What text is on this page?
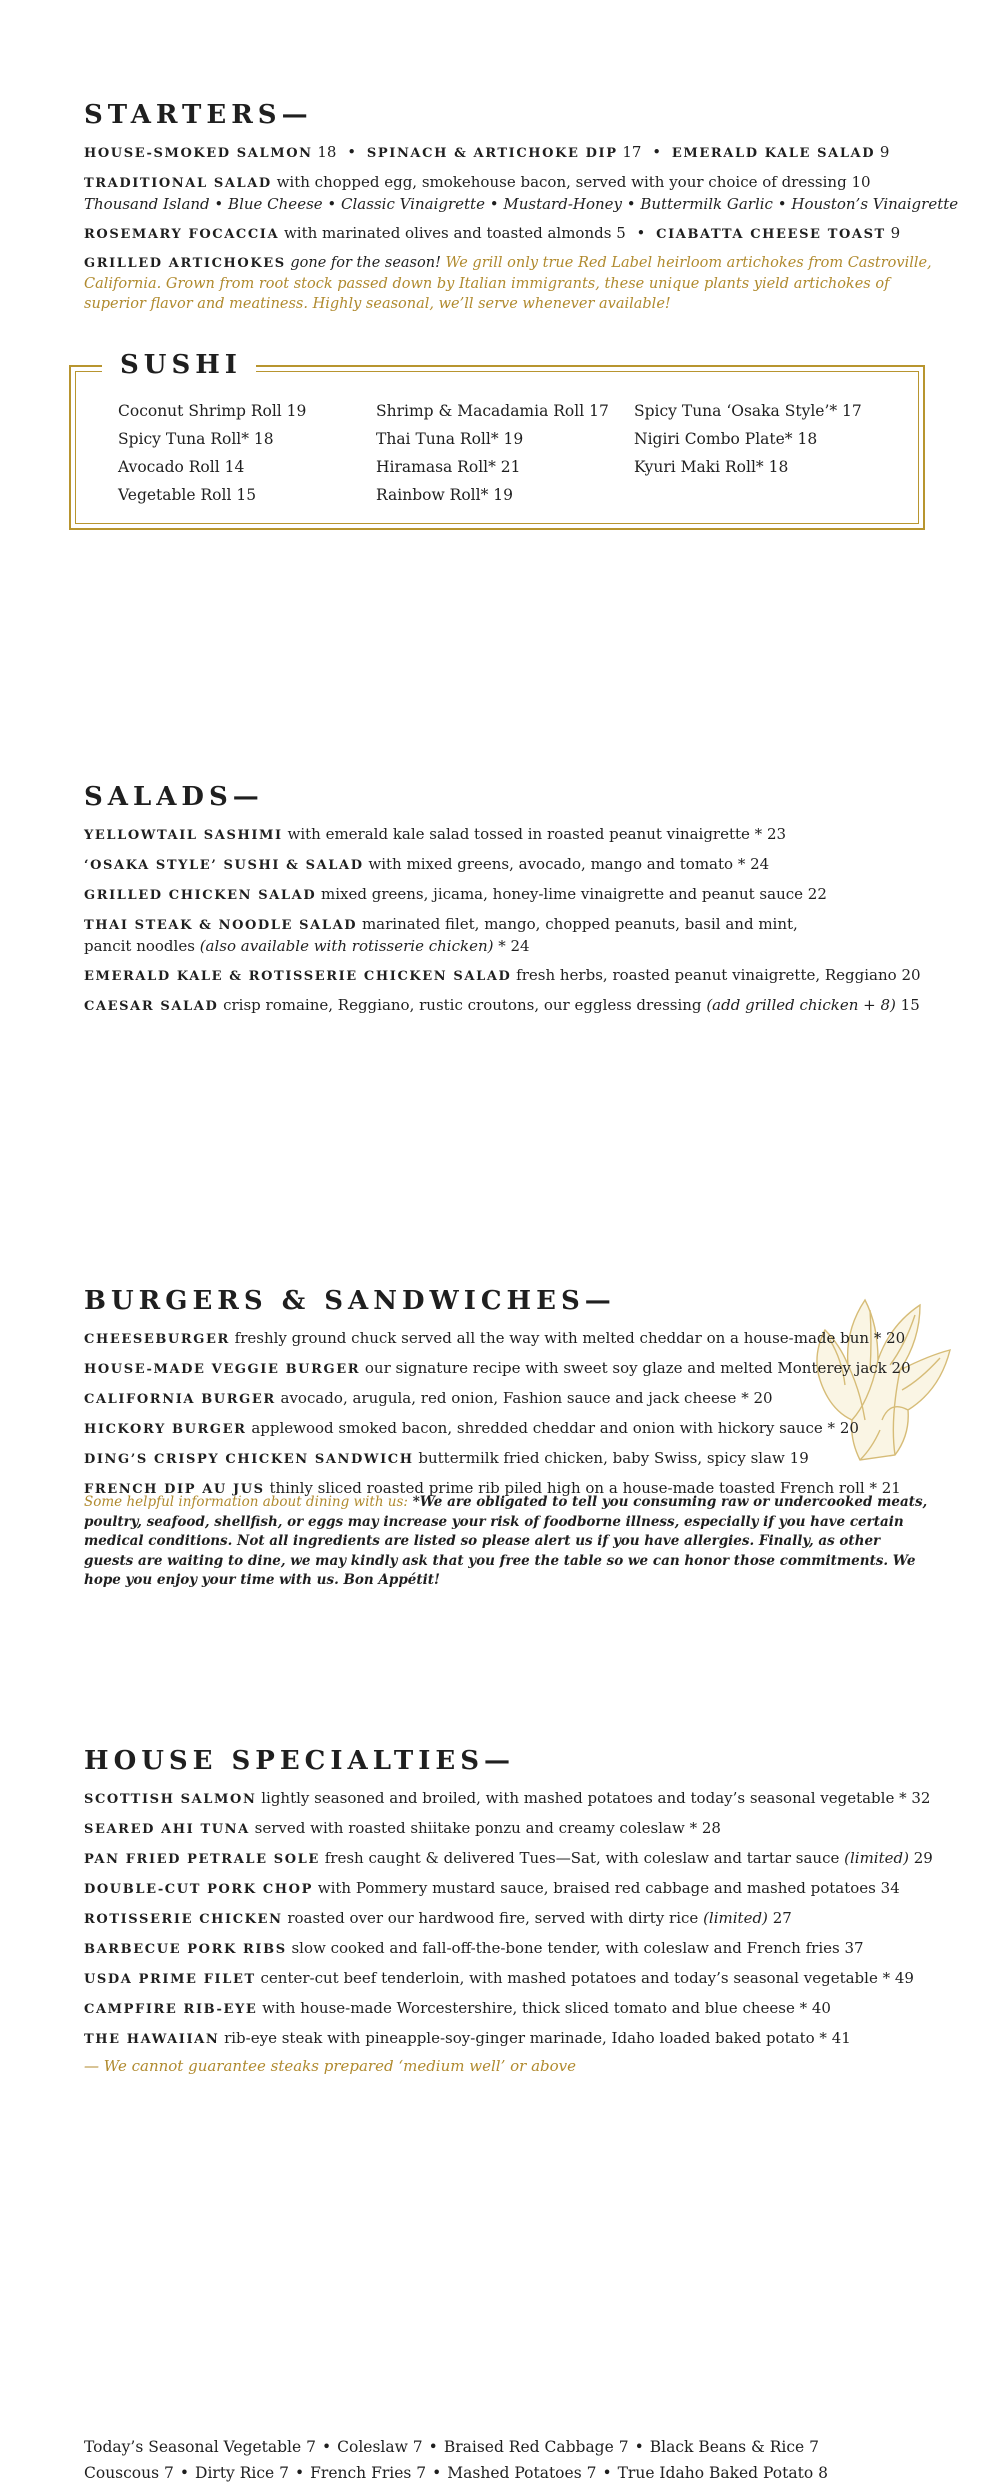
STARTERS—

HOUSE-SMOKED SALMON 18 • SPINACH & ARTICHOKE DIP 17 • EMERALD KALE SALAD 9

TRADITIONAL SALAD with chopped egg, smokehouse bacon, served with your choice of dressing 10

Thousand Island • Blue Cheese • Classic Vinaigrette • Mustard-Honey • Buttermilk Garlic • Houston’s Vinaigrette

ROSEMARY FOCACCIA with marinated olives and toasted almonds 5 • CIABATTA CHEESE TOAST 9

GRILLED ARTICHOKES gone for the season! We grill only true Red Label heirloom artichokes from Castroville, California. Grown from root stock passed down by Italian immigrants, these unique plants yield artichokes of superior flavor and meatiness. Highly seasonal, we’ll serve whenever available!

SUSHI
Coconut Shrimp Roll 19
Spicy Tuna Roll* 18
Avocado Roll 14
Vegetable Roll 15
Shrimp & Macadamia Roll 17
Thai Tuna Roll* 19
Hiramasa Roll* 21
Rainbow Roll* 19
Spicy Tuna ‘Osaka Style’* 17
Nigiri Combo Plate* 18
Kyuri Maki Roll* 18
SALADS—

YELLOWTAIL SASHIMI with emerald kale salad tossed in roasted peanut vinaigrette * 23

‘OSAKA STYLE’ SUSHI & SALAD with mixed greens, avocado, mango and tomato * 24

GRILLED CHICKEN SALAD mixed greens, jicama, honey-lime vinaigrette and peanut sauce 22

THAI STEAK & NOODLE SALAD marinated filet, mango, chopped peanuts, basil and mint,

pancit noodles (also available with rotisserie chicken) * 24

EMERALD KALE & ROTISSERIE CHICKEN SALAD fresh herbs, roasted peanut vinaigrette, Reggiano 20

CAESAR SALAD crisp romaine, Reggiano, rustic croutons, our eggless dressing (add grilled chicken + 8) 15

BURGERS & SANDWICHES—

CHEESEBURGER freshly ground chuck served all the way with melted cheddar on a house-made bun * 20

HOUSE-MADE VEGGIE BURGER our signature recipe with sweet soy glaze and melted Monterey jack 20

CALIFORNIA BURGER avocado, arugula, red onion, Fashion sauce and jack cheese * 20

HICKORY BURGER applewood smoked bacon, shredded cheddar and onion with hickory sauce * 20

DING’S CRISPY CHICKEN SANDWICH buttermilk fried chicken, baby Swiss, spicy slaw 19

FRENCH DIP AU JUS thinly sliced roasted prime rib piled high on a house-made toasted French roll * 21

HOUSE SPECIALTIES—

SCOTTISH SALMON lightly seasoned and broiled, with mashed potatoes and today’s seasonal vegetable * 32

SEARED AHI TUNA served with roasted shiitake ponzu and creamy coleslaw * 28

PAN FRIED PETRALE SOLE fresh caught & delivered Tues—Sat, with coleslaw and tartar sauce (limited) 29

DOUBLE-CUT PORK CHOP with Pommery mustard sauce, braised red cabbage and mashed potatoes 34

ROTISSERIE CHICKEN roasted over our hardwood fire, served with dirty rice (limited) 27

BARBECUE PORK RIBS slow cooked and fall-off-the-bone tender, with coleslaw and French fries 37

USDA PRIME FILET center-cut beef tenderloin, with mashed potatoes and today’s seasonal vegetable * 49

CAMPFIRE RIB-EYE with house-made Worcestershire, thick sliced tomato and blue cheese * 40

THE HAWAIIAN rib-eye steak with pineapple-soy-ginger marinade, Idaho loaded baked potato * 41

— We cannot guarantee steaks prepared ‘medium well’ or above

Today’s Seasonal Vegetable 7 • Coleslaw 7 • Braised Red Cabbage 7 • Black Beans & Rice 7
Couscous 7 • Dirty Rice 7 • French Fries 7 • Mashed Potatoes 7 • True Idaho Baked Potato 8
Some helpful information about dining with us: *We are obligated to tell you consuming raw or undercooked meats, poultry, seafood, shellfish, or eggs may increase your risk of foodborne illness, especially if you have certain medical conditions. Not all ingredients are listed so please alert us if you have allergies. Finally, as other guests are waiting to dine, we may kindly ask that you free the table so we can honor those commitments. We hope you enjoy your time with us. Bon Appétit!
